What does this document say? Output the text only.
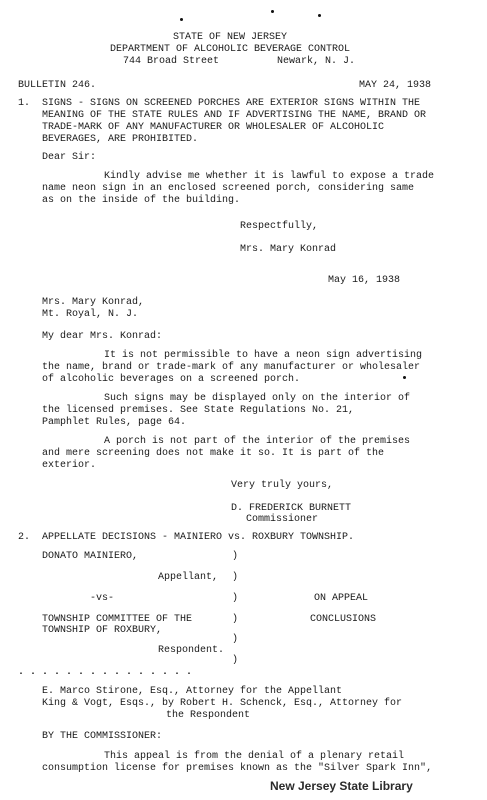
STATE OF NEW JERSEY
DEPARTMENT OF ALCOHOLIC BEVERAGE CONTROL
744 Broad Street	Newark, N. J.
BULLETIN 246.	MAY 24, 1938
1. SIGNS - SIGNS ON SCREENED PORCHES ARE EXTERIOR SIGNS WITHIN THE
MEANING OF THE STATE RULES AND IF ADVERTISING THE NAME, BRAND OR
TRADE-MARK OF ANY MANUFACTURER OR WHOLESALER OF ALCOHOLIC
BEVERAGES, ARE PROHIBITED.
Dear Sir:
Kindly advise me whether it is lawful to expose a trade
name neon sign in an enclosed screened porch, considering same
as on the inside of the building.
Respectfully,
Mrs. Mary Konrad
May 16, 1938
Mrs. Mary Konrad,
Mt. Royal, N. J.
My dear Mrs. Konrad:
It is not permissible to have a neon sign advertising
the name, brand or trade-mark of any manufacturer or wholesaler
of alcoholic beverages on a screened porch.
Such signs may be displayed only on the interior of
the licensed premises. See State Regulations No. 21,
Pamphlet Rules, page 64.
A porch is not part of the interior of the premises
and mere screening does not make it so. It is part of the
exterior.
Very truly yours,
D. FREDERICK BURNETT
Commissioner
2. APPELLATE DECISIONS - MAINIERO vs. ROXBURY TOWNSHIP.
DONATO MAINIERO,
Appellant,
-vs-
TOWNSHIP COMMITTEE OF THE
TOWNSHIP OF ROXBURY,
Respondent.
)
)
)
)
)
)
ON APPEAL
CONCLUSIONS
. . . . . . . . . . . . . . .
E. Marco Stirone, Esq., Attorney for the Appellant
King & Vogt, Esqs., by Robert H. Schenck, Esq., Attorney for
the Respondent
BY THE COMMISSIONER:
This appeal is from the denial of a plenary retail
consumption license for premises known as the "Silver Spark Inn",
New Jersey State Library
